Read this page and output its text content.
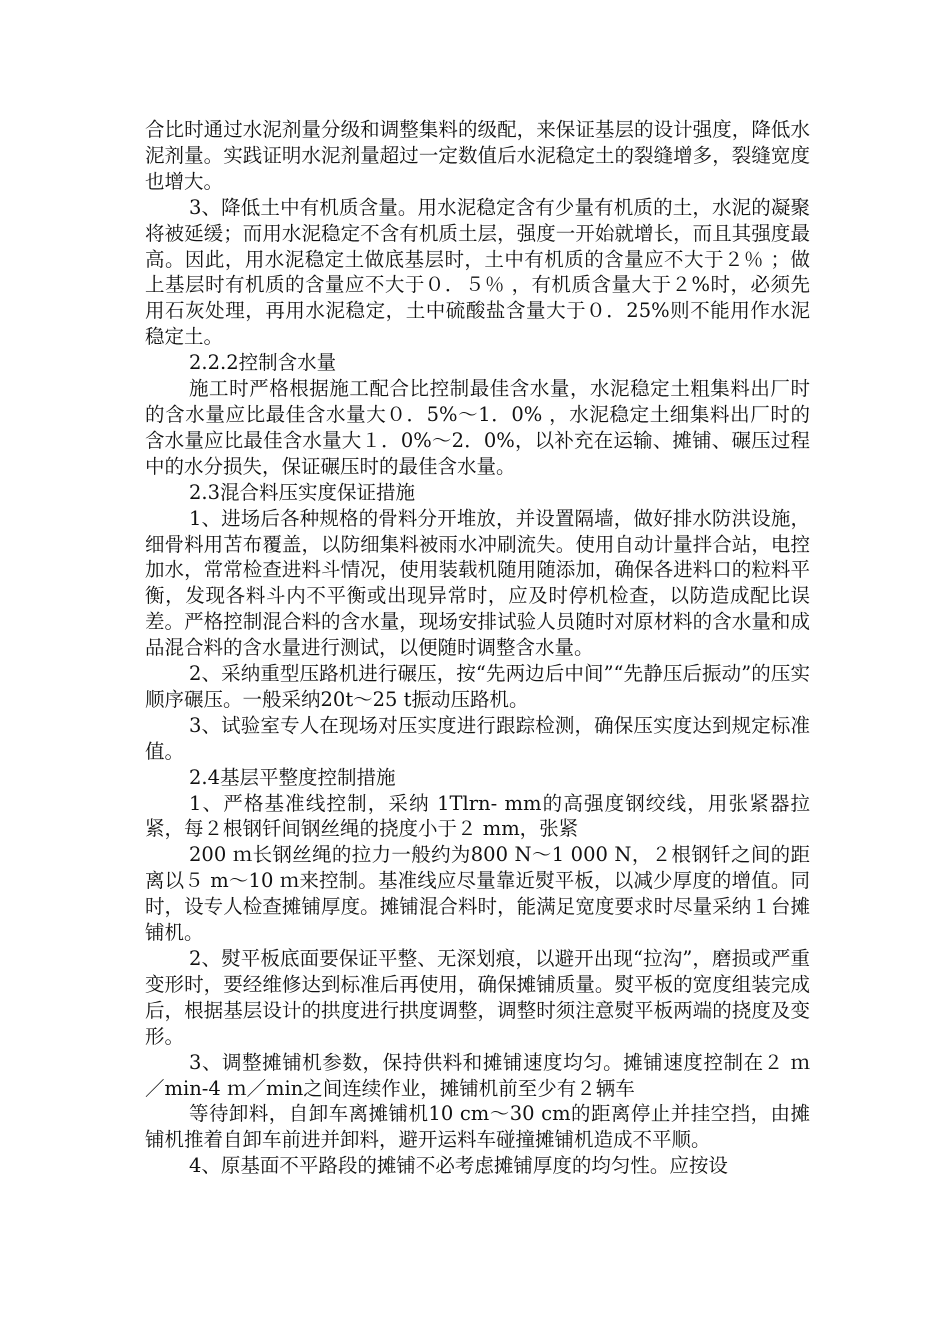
合比时通过水泥剂量分级和调整集料的级配，来保证基层的设计强度，降低水泥剂量。实践证明水泥剂量超过一定数值后水泥稳定土的裂缝增多，裂缝宽度也增大。

3、降低土中有机质含量。用水泥稳定含有少量有机质的土，水泥的凝聚将被延缓；而用水泥稳定不含有机质土层，强度一开始就增长，而且其强度最高。因此，用水泥稳定土做底基层时，土中有机质的含量应不大于２％ ；做上基层时有机质的含量应不大于０．５％ ，有机质含量大于２%时，必须先用石灰处理，再用水泥稳定，土中硫酸盐含量大于０．25%则不能用作水泥稳定土。

2.2.2控制含水量

施工时严格根据施工配合比控制最佳含水量，水泥稳定土粗集料出厂时的含水量应比最佳含水量大０．5%～1．0% ，水泥稳定土细集料出厂时的含水量应比最佳含水量大１．0%～2．0%，以补充在运输、摊铺、碾压过程中的水分损失，保证碾压时的最佳含水量。

2.3混合料压实度保证措施

1、进场后各种规格的骨料分开堆放，并设置隔墙，做好排水防洪设施，细骨料用苫布覆盖，以防细集料被雨水冲刷流失。使用自动计量拌合站，电控加水，常常检查进料斗情况，使用装载机随用随添加，确保各进料口的粒料平衡，发现各料斗内不平衡或出现异常时，应及时停机检查，以防造成配比误差。严格控制混合料的含水量，现场安排试验人员随时对原材料的含水量和成品混合料的含水量进行测试，以便随时调整含水量。

2、采纳重型压路机进行碾压，按“先两边后中间”“先静压后振动”的压实顺序碾压。一般采纳20t～25 t振动压路机。

3、试验室专人在现场对压实度进行跟踪检测，确保压实度达到规定标准值。

2.4基层平整度控制措施

1、严格基准线控制，采纳 1Tlrn- mm的高强度钢绞线，用张紧器拉紧，每２根钢钎间钢丝绳的挠度小于２ mm，张紧

200 ｍ长钢丝绳的拉力一般约为800 N～1 000 N，２根钢钎之间的距离以５ m～10 ｍ来控制。基准线应尽量靠近熨平板，以减少厚度的增值。同时，设专人检查摊铺厚度。摊铺混合料时，能满足宽度要求时尽量采纳１台摊铺机。

2、熨平板底面要保证平整、无深划痕，以避开出现“拉沟”，磨损或严重变形时，要经维修达到标准后再使用，确保摊铺质量。熨平板的宽度组装完成后，根据基层设计的拱度进行拱度调整，调整时须注意熨平板两端的挠度及变形。

3、调整摊铺机参数，保持供料和摊铺速度均匀。摊铺速度控制在２ ｍ／min-4 ｍ／min之间连续作业，摊铺机前至少有２辆车

等待卸料，自卸车离摊铺机10 cm～30 cm的距离停止并挂空挡，由摊铺机推着自卸车前进并卸料，避开运料车碰撞摊铺机造成不平顺。

4、原基面不平路段的摊铺不必考虑摊铺厚度的均匀性。应按设
